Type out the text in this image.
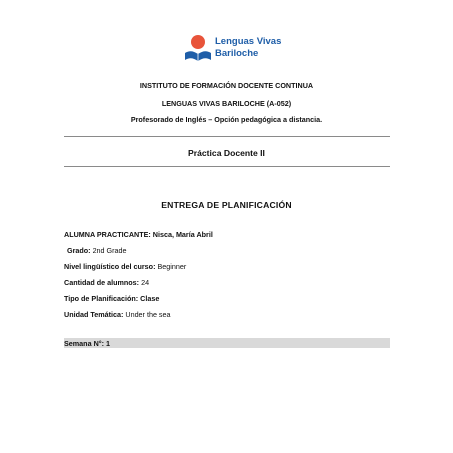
Lenguas Vivas
Bariloche
INSTITUTO DE FORMACIÓN DOCENTE CONTINUA
LENGUAS VIVAS BARILOCHE (A-052)
Profesorado de Inglés – Opción pedagógica a distancia.
Práctica Docente II
ENTREGA DE PLANIFICACIÓN
ALUMNA PRACTICANTE: Nisca, María Abril
Grado: 2nd Grade
Nivel lingüístico del curso: Beginner
Cantidad de alumnos: 24
Tipo de Planificación: Clase
Unidad Temática: Under the sea
Semana N°: 1
